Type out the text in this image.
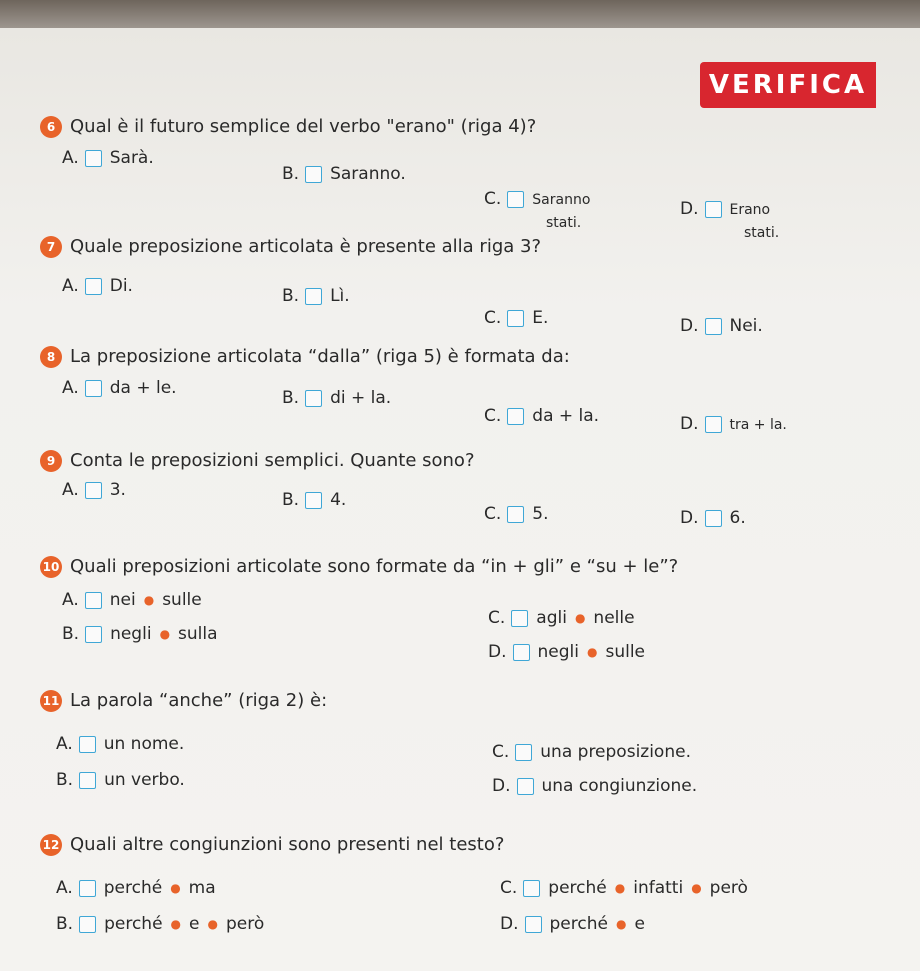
VERIFICA
6 Qual è il futuro semplice del verbo "erano" (riga 4)?
A. Sarà.
B. Saranno.
C. Saranno
stati.
D. Erano
stati.
7 Quale preposizione articolata è presente alla riga 3?
A. Di.	B. Lì.
C. E.	D. Nei.
8 La preposizione articolata “dalla” (riga 5) è formata da:
A. da + le.	B. di + la.
C. da + la.	D. tra + la.
9 Conta le preposizioni semplici. Quante sono?
A. 3.	B. 4.
C. 5.	D. 6.
10 Quali preposizioni articolate sono formate da “in + gli” e “su + le”?
A. nei ● sulle
B. negli ● sulla
C. agli ● nelle
D. negli ● sulle
11 La parola “anche” (riga 2) è:
A. un nome.
B. un verbo.
C. una preposizione.
D. una congiunzione.
12 Quali altre congiunzioni sono presenti nel testo?
A. perché ● ma
B. perché ● e ● però
C. perché ● infatti ● però
D. perché ● e
